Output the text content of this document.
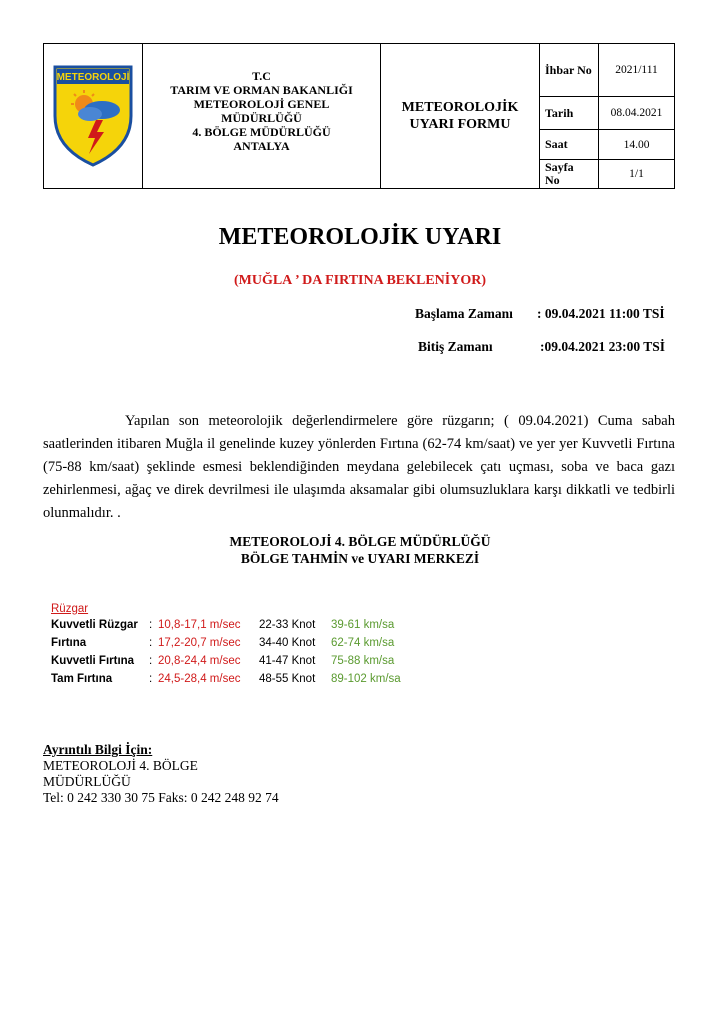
METEOROLOJİ	T.C
TARIM VE ORMAN BAKANLIĞI
METEOROLOJİ GENEL
MÜDÜRLÜĞÜ
4. BÖLGE MÜDÜRLÜĞÜ
ANTALYA
METEOROLOJİK
UYARI FORMU
İhbar No	2021/111
Tarih	08.04.2021
Saat	14.00
Sayfa No	1/1
METEOROLOJİK UYARI
(MUĞLA ’ DA FIRTINA BEKLENİYOR)
Başlama Zamanı : 09.04.2021 11:00 TSİ
Bitiş Zamanı	:09.04.2021 23:00 TSİ
Yapılan son meteorolojik değerlendirmelere göre rüzgarın; ( 09.04.2021) Cuma sabah saatlerinden itibaren Muğla il genelinde kuzey yönlerden Fırtına (62-74 km/saat) ve yer yer Kuvvetli Fırtına (75-88 km/saat) şeklinde esmesi beklendiğinden meydana gelebilecek çatı uçması, soba ve baca gazı zehirlenmesi, ağaç ve direk devrilmesi ile ulaşımda aksamalar gibi olumsuzluklara karşı dikkatli ve tedbirli olunmalıdır. .
METEOROLOJİ 4. BÖLGE MÜDÜRLÜĞÜ
BÖLGE TAHMİN ve UYARI MERKEZİ
Rüzgar
Kuvvetli Rüzgar : 10,8-17,1 m/sec 22-33 Knot 39-61 km/sa
Fırtına	: 17,2-20,7 m/sec 34-40 Knot 62-74 km/sa
Kuvvetli Fırtına : 20,8-24,4 m/sec 41-47 Knot 75-88 km/sa
Tam Fırtına	: 24,5-28,4 m/sec 48-55 Knot 89-102 km/sa
Ayrıntılı Bilgi İçin:
METEOROLOJİ 4. BÖLGE
MÜDÜRLÜĞÜ
Tel: 0 242 330 30 75 Faks: 0 242 248 92 74
